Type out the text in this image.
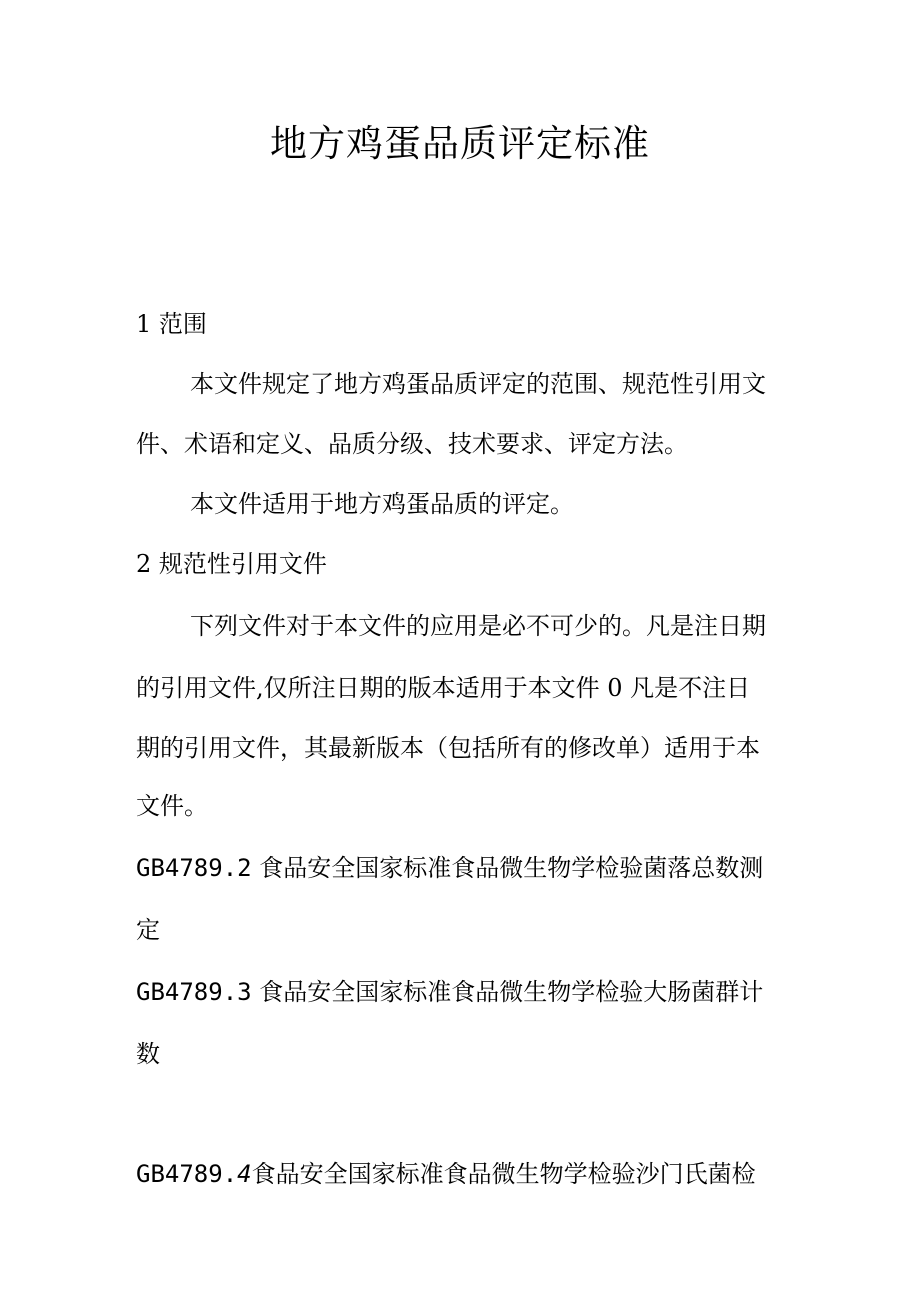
地方鸡蛋品质评定标准

1 范围

本文件规定了地方鸡蛋品质评定的范围、规范性引用文

件、术语和定义、品质分级、技术要求、评定方法。

本文件适用于地方鸡蛋品质的评定。

2 规范性引用文件

下列文件对于本文件的应用是必不可少的。凡是注日期

的引用文件,仅所注日期的版本适用于本文件 0 凡是不注日

期的引用文件，其最新版本（包括所有的修改单）适用于本

文件。

GB4789.2 食品安全国家标准食品微生物学检验菌落总数测

定

GB4789.3 食品安全国家标准食品微生物学检验大肠菌群计

数

GB4789.4食品安全国家标准食品微生物学检验沙门氏菌检
